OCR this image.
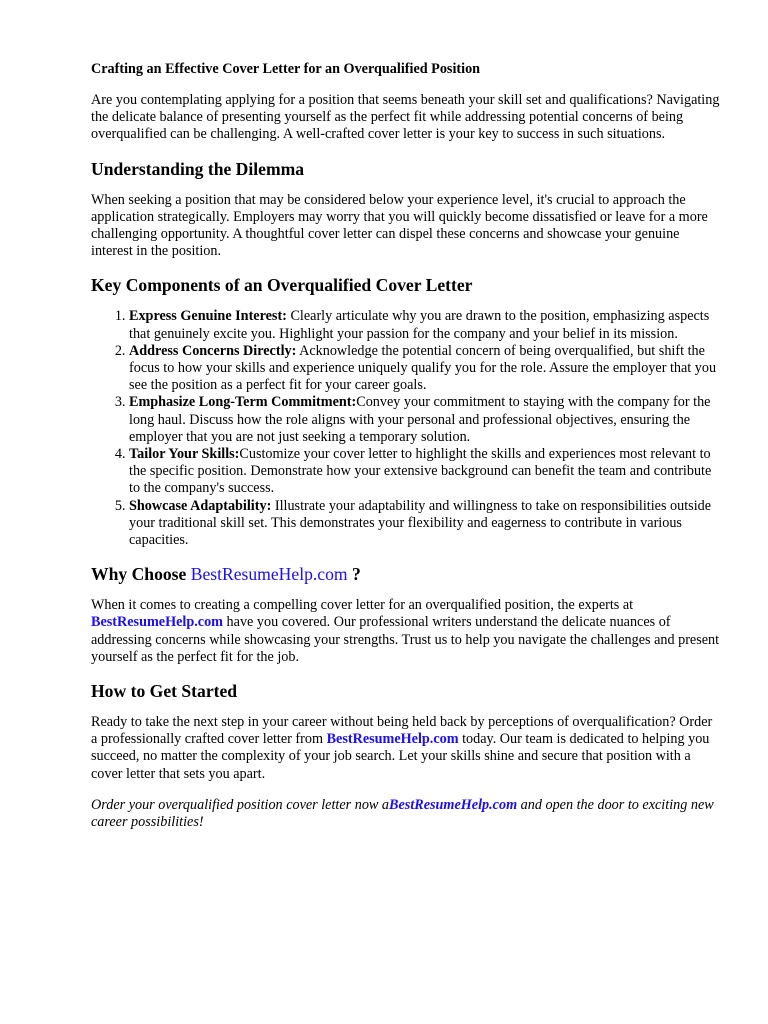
Crafting an Effective Cover Letter for an Overqualified Position

Are you contemplating applying for a position that seems beneath your skill set and qualifications? Navigating the delicate balance of presenting yourself as the perfect fit while addressing potential concerns of being overqualified can be challenging. A well-crafted cover letter is your key to success in such situations.

Understanding the Dilemma

When seeking a position that may be considered below your experience level, it's crucial to approach the application strategically. Employers may worry that you will quickly become dissatisfied or leave for a more challenging opportunity. A thoughtful cover letter can dispel these concerns and showcase your genuine interest in the position.

Key Components of an Overqualified Cover Letter
1. Express Genuine Interest: Clearly articulate why you are drawn to the position, emphasizing aspects that genuinely excite you. Highlight your passion for the company and your belief in its mission.
2. Address Concerns Directly: Acknowledge the potential concern of being overqualified, but shift the focus to how your skills and experience uniquely qualify you for the role. Assure the employer that you see the position as a perfect fit for your career goals.
3. Emphasize Long-Term Commitment:Convey your commitment to staying with the company for the long haul. Discuss how the role aligns with your personal and professional objectives, ensuring the employer that you are not just seeking a temporary solution.
4. Tailor Your Skills:Customize your cover letter to highlight the skills and experiences most relevant to the specific position. Demonstrate how your extensive background can benefit the team and contribute to the company's success.
5. Showcase Adaptability: Illustrate your adaptability and willingness to take on responsibilities outside your traditional skill set. This demonstrates your flexibility and eagerness to contribute in various capacities.
Why Choose BestResumeHelp.com ?

When it comes to creating a compelling cover letter for an overqualified position, the experts at BestResumeHelp.com have you covered. Our professional writers understand the delicate nuances of addressing concerns while showcasing your strengths. Trust us to help you navigate the challenges and present yourself as the perfect fit for the job.

How to Get Started

Ready to take the next step in your career without being held back by perceptions of overqualification? Order a professionally crafted cover letter from BestResumeHelp.com today. Our team is dedicated to helping you succeed, no matter the complexity of your job search. Let your skills shine and secure that position with a cover letter that sets you apart.

Order your overqualified position cover letter now aBestResumeHelp.com and open the door to exciting new career possibilities!
